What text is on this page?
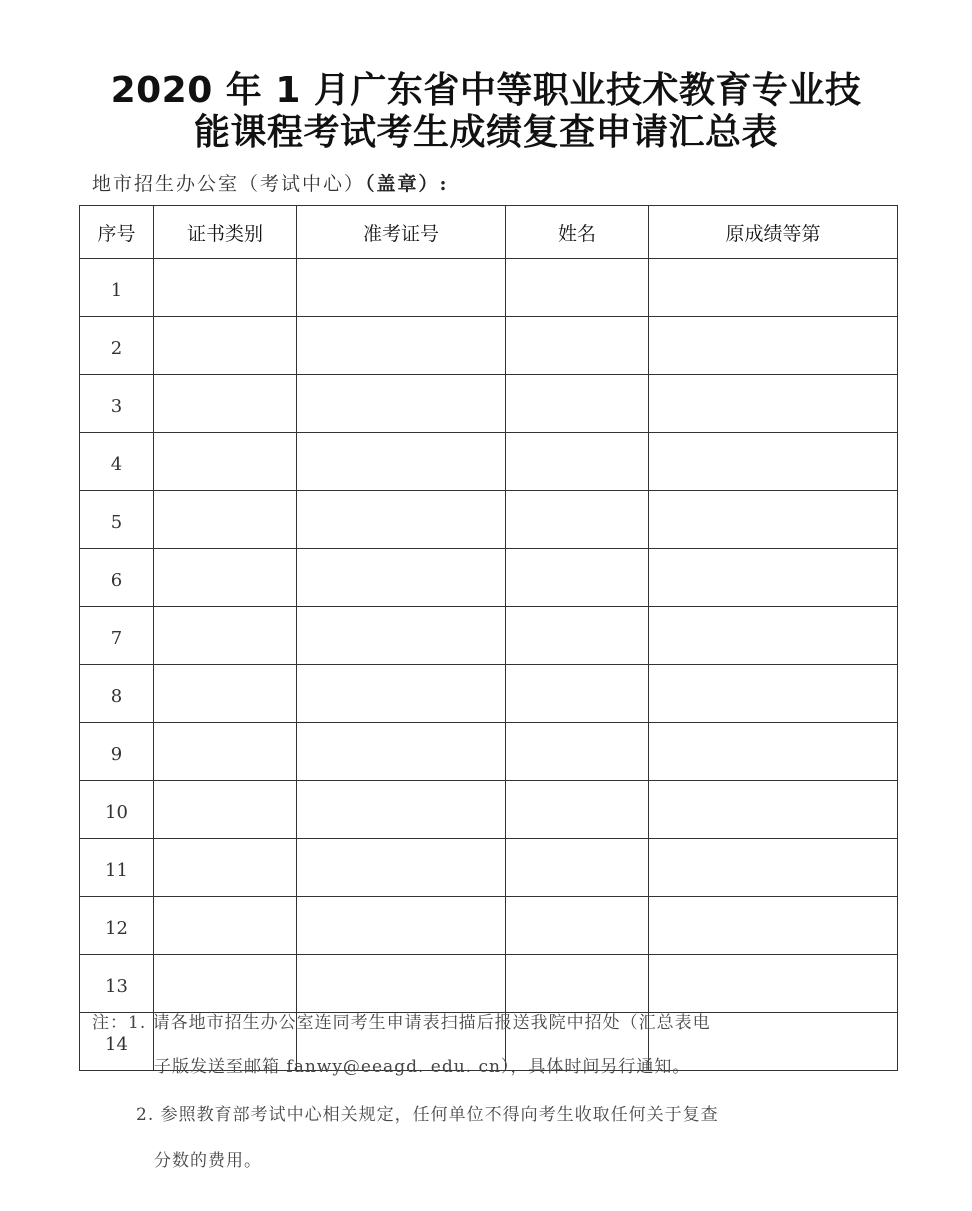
2020 年 1 月广东省中等职业技术教育专业技
能课程考试考生成绩复查申请汇总表
地市招生办公室（考试中心）（盖章）:
序号	证书类别	准考证号	姓名	原成绩等第
1				
2				
3				
4				
5				
6				
7				
8				
9				
10				
11				
12				
13				
14				
注：1. 请各地市招生办公室连同考生申请表扫描后报送我院中招处（汇总表电
子版发送至邮箱 fanwy@eeagd. edu. cn），具体时间另行通知。
2. 参照教育部考试中心相关规定，任何单位不得向考生收取任何关于复查
分数的费用。
